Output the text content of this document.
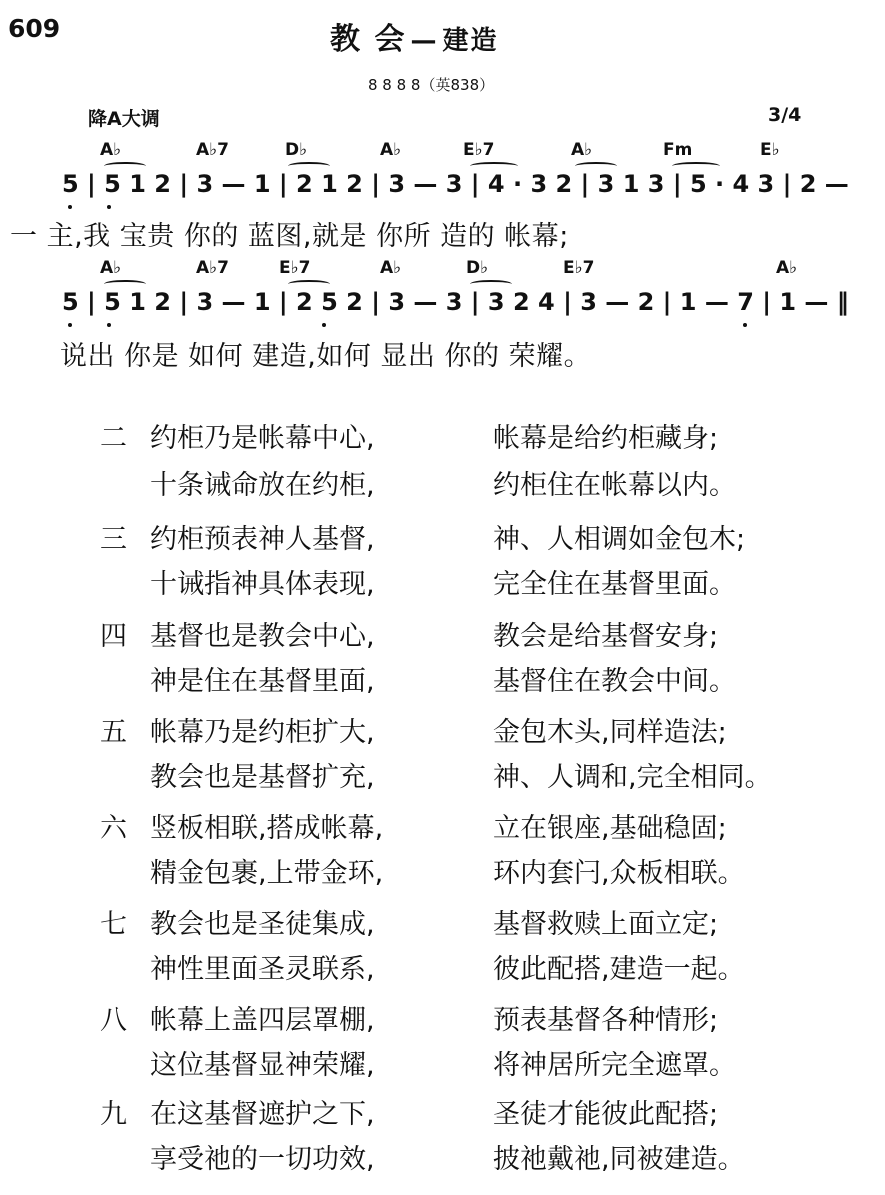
609	教 会 — 建造
8 8 8 8（英838）
降A大调	3/4
A♭	A♭7	D♭	A♭	E♭7	A♭	Fm	E♭
5 | 5 1 2 | 3 — 1 | 2 1 2 | 3 — 3 | 4 · 3 2 | 3 1 3 | 5 · 4 3 | 2 —
一 主,我 宝贵 你的 蓝图,就是 你所 造的 帐幕;
A♭	A♭7	E♭7	A♭	D♭	E♭7	A♭
5 | 5 1 2 | 3 — 1 | 2 5 2 | 3 — 3 | 3 2 4 | 3 — 2 | 1 — 7 | 1 — ‖
说出 你是 如何 建造,如何 显出 你的 荣耀。
二 约柜乃是帐幕中心,	帐幕是给约柜藏身;
十条诫命放在约柜,	约柜住在帐幕以内。
三 约柜预表神人基督,	神、人相调如金包木;
十诫指神具体表现,	完全住在基督里面。
四 基督也是教会中心,	教会是给基督安身;
神是住在基督里面,	基督住在教会中间。
五 帐幕乃是约柜扩大,	金包木头,同样造法;
教会也是基督扩充,	神、人调和,完全相同。
六 竖板相联,搭成帐幕,	立在银座,基础稳固;
精金包裹,上带金环,	环内套闩,众板相联。
七 教会也是圣徒集成,	基督救赎上面立定;
神性里面圣灵联系,	彼此配搭,建造一起。
八 帐幕上盖四层罩棚,	预表基督各种情形;
这位基督显神荣耀,	将神居所完全遮罩。
九 在这基督遮护之下,	圣徒才能彼此配搭;
享受祂的一切功效,	披祂戴祂,同被建造。
